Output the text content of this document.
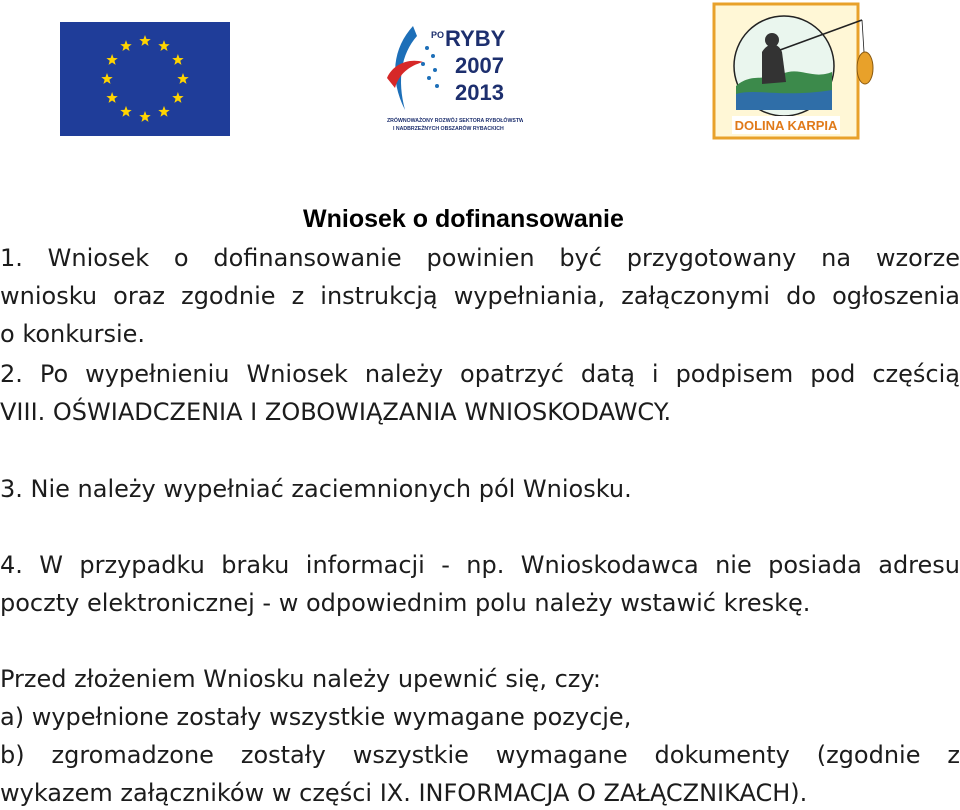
PO RYBY
2007
2013
ZRÓWNOWAŻONY ROZWÓJ SEKTORA RYBOŁÓWSTWA
I NADBRZEŻNYCH OBSZARÓW RYBACKICH	DOLINA KARPIA
Wniosek o dofinansowanie
1. Wniosek o dofinansowanie powinien być przygotowany na wzorze
wniosku oraz zgodnie z instrukcją wypełniania, załączonymi do ogłoszenia
o konkursie.
2. Po wypełnieniu Wniosek należy opatrzyć datą i podpisem pod częścią
VIII. OŚWIADCZENIA I ZOBOWIĄZANIA WNIOSKODAWCY.
3. Nie należy wypełniać zaciemnionych pól Wniosku.
4. W przypadku braku informacji - np. Wnioskodawca nie posiada adresu
poczty elektronicznej - w odpowiednim polu należy wstawić kreskę.
Przed złożeniem Wniosku należy upewnić się, czy:
a) wypełnione zostały wszystkie wymagane pozycje,
b) zgromadzone zostały wszystkie wymagane dokumenty (zgodnie z
wykazem załączników w części IX. INFORMACJA O ZAŁĄCZNIKACH).
